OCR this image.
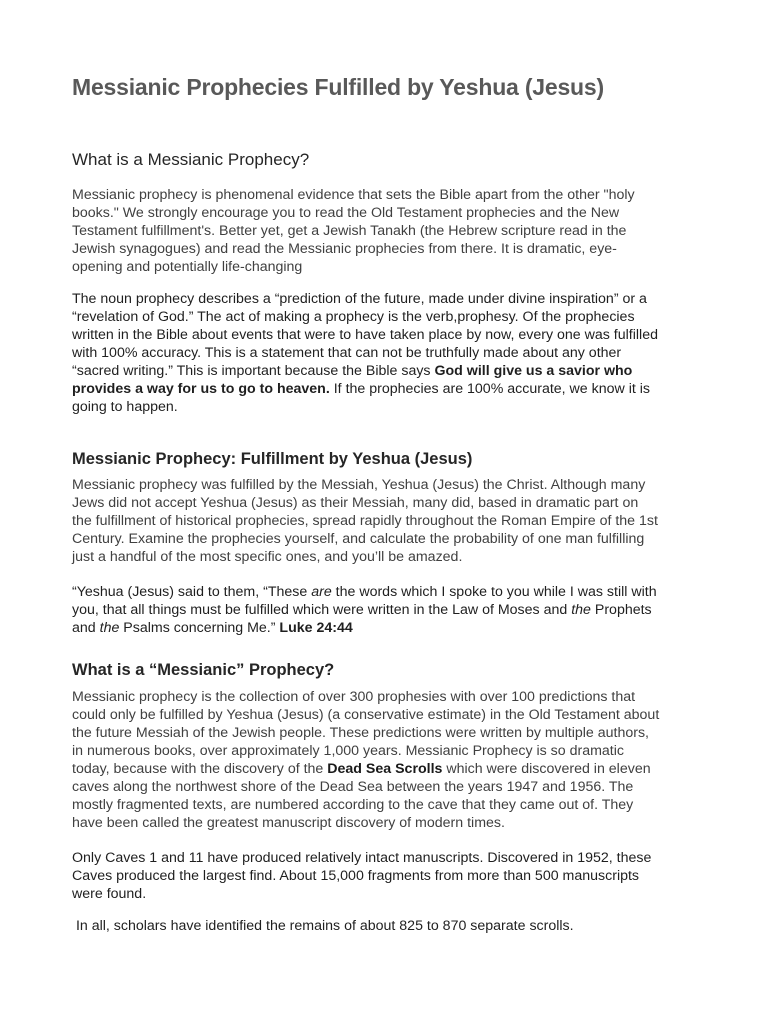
Messianic Prophecies Fulfilled by Yeshua (Jesus)
What is a Messianic Prophecy?
Messianic prophecy is phenomenal evidence that sets the Bible apart from the other "holy
books." We strongly encourage you to read the Old Testament prophecies and the New
Testament fulfillment's. Better yet, get a Jewish Tanakh (the Hebrew scripture read in the
Jewish synagogues) and read the Messianic prophecies from there. It is dramatic, eye-
opening and potentially life-changing
The noun prophecy describes a “prediction of the future, made under divine inspiration” or a
“revelation of God.” The act of making a prophecy is the verb,prophesy. Of the prophecies
written in the Bible about events that were to have taken place by now, every one was fulfilled
with 100% accuracy. This is a statement that can not be truthfully made about any other
“sacred writing.” This is important because the Bible says God will give us a savior who
provides a way for us to go to heaven. If the prophecies are 100% accurate, we know it is
going to happen.
Messianic Prophecy: Fulfillment by Yeshua (Jesus)
Messianic prophecy was fulfilled by the Messiah, Yeshua (Jesus) the Christ. Although many
Jews did not accept Yeshua (Jesus) as their Messiah, many did, based in dramatic part on
the fulfillment of historical prophecies, spread rapidly throughout the Roman Empire of the 1st
Century. Examine the prophecies yourself, and calculate the probability of one man fulfilling
just a handful of the most specific ones, and you’ll be amazed.
“Yeshua (Jesus) said to them, “These are the words which I spoke to you while I was still with
you, that all things must be fulfilled which were written in the Law of Moses and the Prophets
and the Psalms concerning Me.” Luke 24:44
What is a “Messianic” Prophecy?
Messianic prophecy is the collection of over 300 prophesies with over 100 predictions that
could only be fulfilled by Yeshua (Jesus) (a conservative estimate) in the Old Testament about
the future Messiah of the Jewish people. These predictions were written by multiple authors,
in numerous books, over approximately 1,000 years. Messianic Prophecy is so dramatic
today, because with the discovery of the Dead Sea Scrolls which were discovered in eleven
caves along the northwest shore of the Dead Sea between the years 1947 and 1956. The
mostly fragmented texts, are numbered according to the cave that they came out of. They
have been called the greatest manuscript discovery of modern times.
Only Caves 1 and 11 have produced relatively intact manuscripts. Discovered in 1952, these
Caves produced the largest find. About 15,000 fragments from more than 500 manuscripts
were found.
In all, scholars have identified the remains of about 825 to 870 separate scrolls.
